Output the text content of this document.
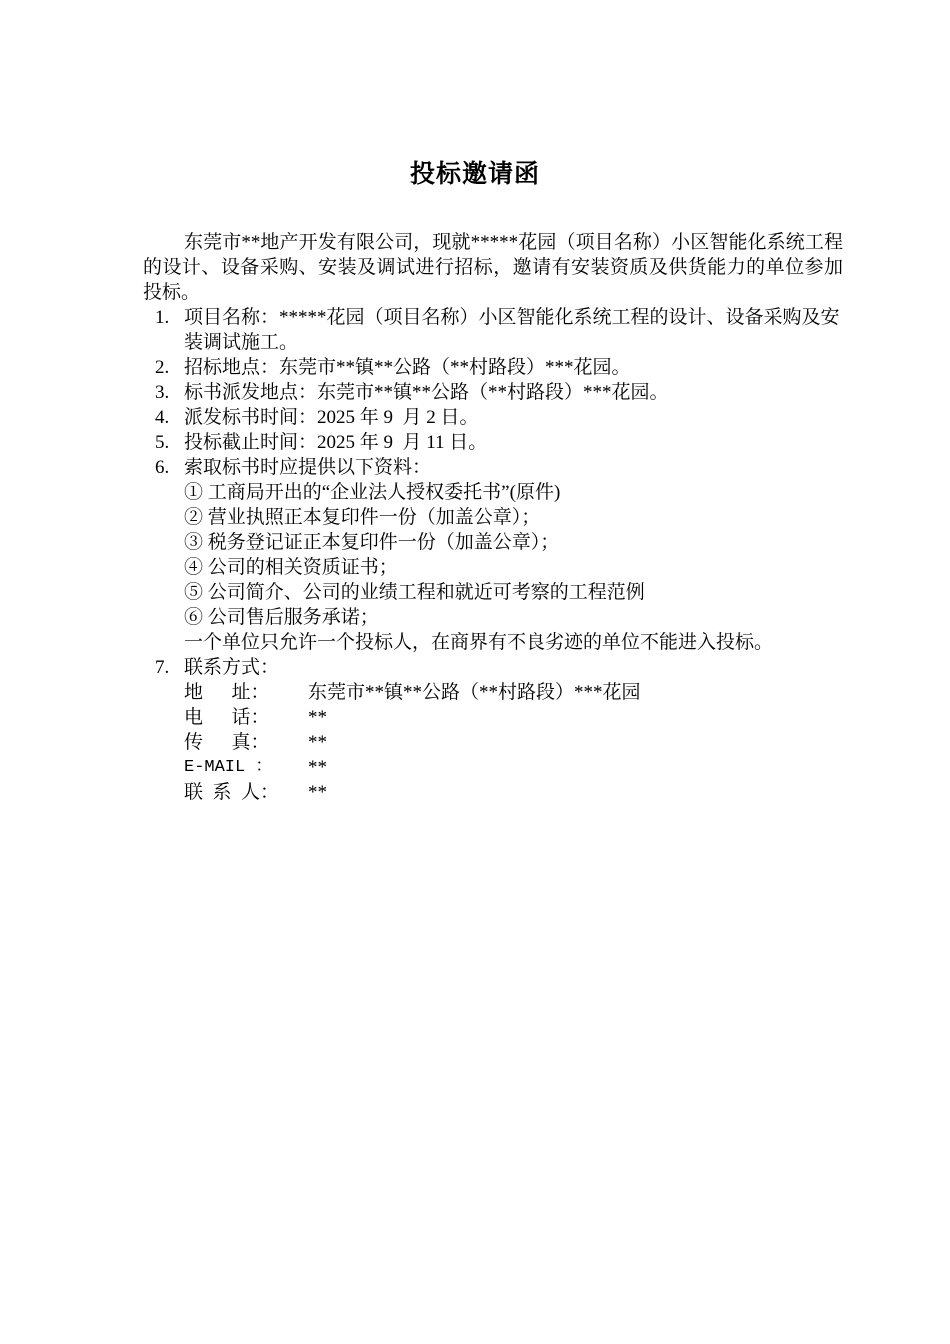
投标邀请函

东莞市**地产开发有限公司，现就*****花园（项目名称）小区智能化系统工程的设计、设备采购、安装及调试进行招标，邀请有安装资质及供货能力的单位参加投标。

1. 项目名称：*****花园（项目名称）小区智能化系统工程的设计、设备采购及安装调试施工。
2. 招标地点：东莞市**镇**公路（**村路段）***花园。
3. 标书派发地点：东莞市**镇**公路（**村路段）***花园。
4. 派发标书时间：2025 年 9  月 2 日。
5. 投标截止时间：2025 年 9  月 11 日。
6. 索取标书时应提供以下资料：
① 工商局开出的“企业法人授权委托书”(原件)
② 营业执照正本复印件一份（加盖公章）；
③ 税务登记证正本复印件一份（加盖公章）；
④ 公司的相关资质证书；
⑤ 公司简介、公司的业绩工程和就近可考察的工程范例
⑥ 公司售后服务承诺；
一个单位只允许一个投标人，在商界有不良劣迹的单位不能进入投标。
7. 联系方式：
地      址：	东莞市**镇**公路（**村路段）***花园
电      话：	**
传      真：	**
E-MAIL ：	**
联  系  人：	**
